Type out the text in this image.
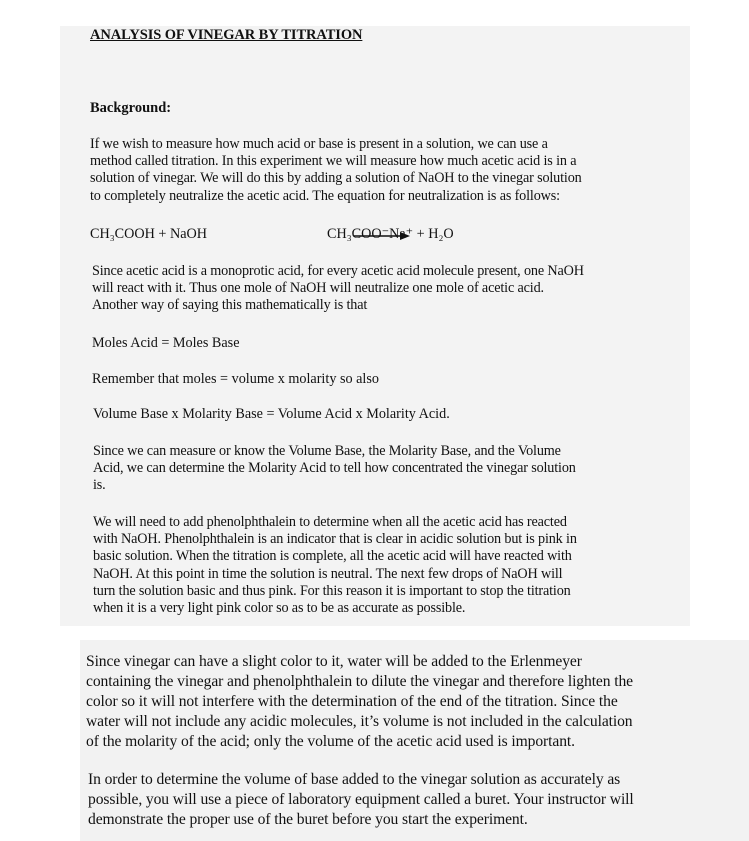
ANALYSIS OF VINEGAR BY TITRATION
Background:
If we wish to measure how much acid or base is present in a solution, we can use a
method called titration. In this experiment we will measure how much acetic acid is in a
solution of vinegar. We will do this by adding a solution of NaOH to the vinegar solution
to completely neutralize the acetic acid. The equation for neutralization is as follows:
CH₃COOH + NaOH	CH₃COO⁻Na⁺ + H₂O
Since acetic acid is a monoprotic acid, for every acetic acid molecule present, one NaOH
will react with it. Thus one mole of NaOH will neutralize one mole of acetic acid.
Another way of saying this mathematically is that
Moles Acid = Moles Base
Remember that moles = volume x molarity so also
Volume Base x Molarity Base = Volume Acid x Molarity Acid.
Since we can measure or know the Volume Base, the Molarity Base, and the Volume
Acid, we can determine the Molarity Acid to tell how concentrated the vinegar solution
is.
We will need to add phenolphthalein to determine when all the acetic acid has reacted
with NaOH. Phenolphthalein is an indicator that is clear in acidic solution but is pink in
basic solution. When the titration is complete, all the acetic acid will have reacted with
NaOH. At this point in time the solution is neutral. The next few drops of NaOH will
turn the solution basic and thus pink. For this reason it is important to stop the titration
when it is a very light pink color so as to be as accurate as possible.
Since vinegar can have a slight color to it, water will be added to the Erlenmeyer
containing the vinegar and phenolphthalein to dilute the vinegar and therefore lighten the
color so it will not interfere with the determination of the end of the titration. Since the
water will not include any acidic molecules, it’s volume is not included in the calculation
of the molarity of the acid; only the volume of the acetic acid used is important.
In order to determine the volume of base added to the vinegar solution as accurately as
possible, you will use a piece of laboratory equipment called a buret. Your instructor will
demonstrate the proper use of the buret before you start the experiment.
